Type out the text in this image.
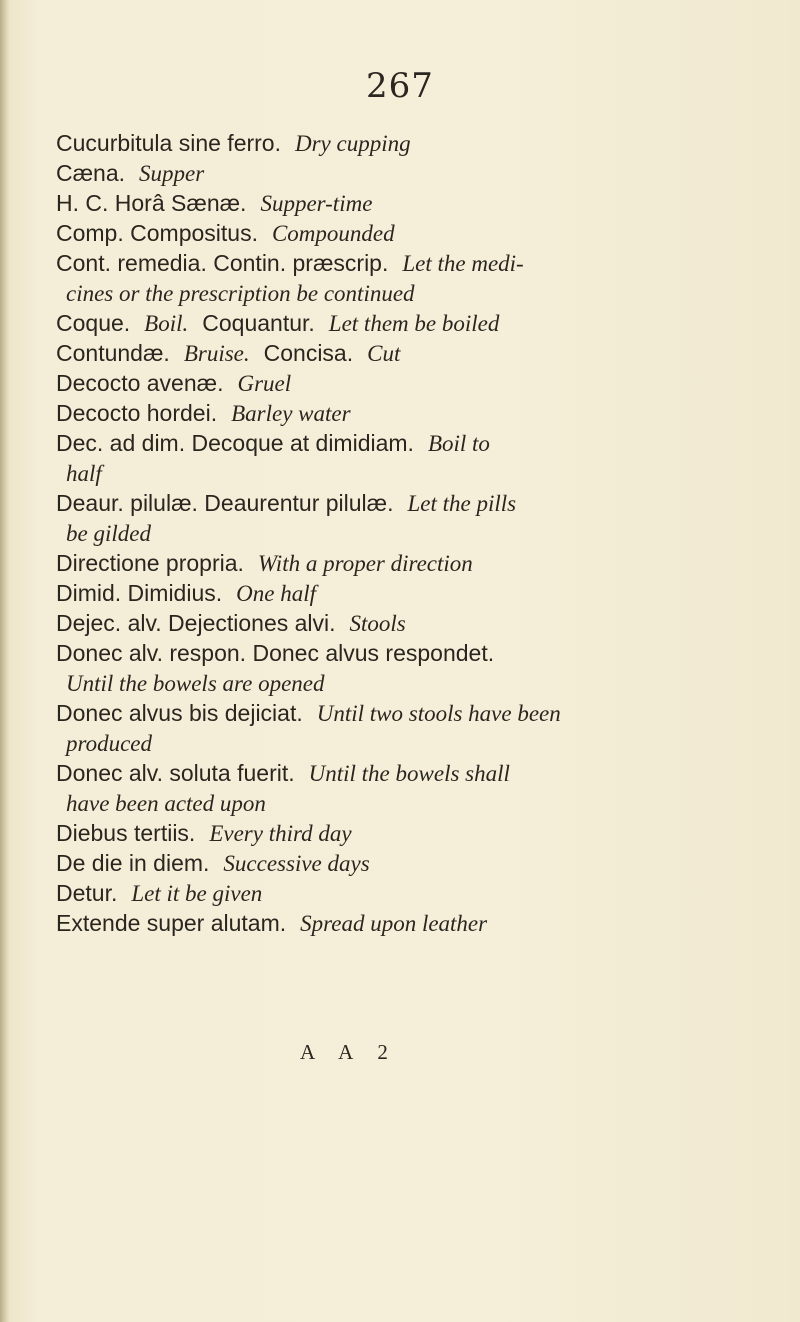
267
Cucurbitula sine ferro. Dry cupping
Cæna. Supper
H. C. Horâ Sænæ. Supper-time
Comp. Compositus. Compounded
Cont. remedia. Contin. præscrip. Let the medi-
cines or the prescription be continued
Coque. Boil. Coquantur. Let them be boiled
Contundæ. Bruise. Concisa. Cut
Decocto avenæ. Gruel
Decocto hordei. Barley water
Dec. ad dim. Decoque at dimidiam. Boil to
half
Deaur. pilulæ. Deaurentur pilulæ. Let the pills
be gilded
Directione propria. With a proper direction
Dimid. Dimidius. One half
Dejec. alv. Dejectiones alvi. Stools
Donec alv. respon. Donec alvus respondet.
Until the bowels are opened
Donec alvus bis dejiciat. Until two stools have been
produced
Donec alv. soluta fuerit. Until the bowels shall
have been acted upon
Diebus tertiis. Every third day
De die in diem. Successive days
Detur. Let it be given
Extende super alutam. Spread upon leather
A A 2
